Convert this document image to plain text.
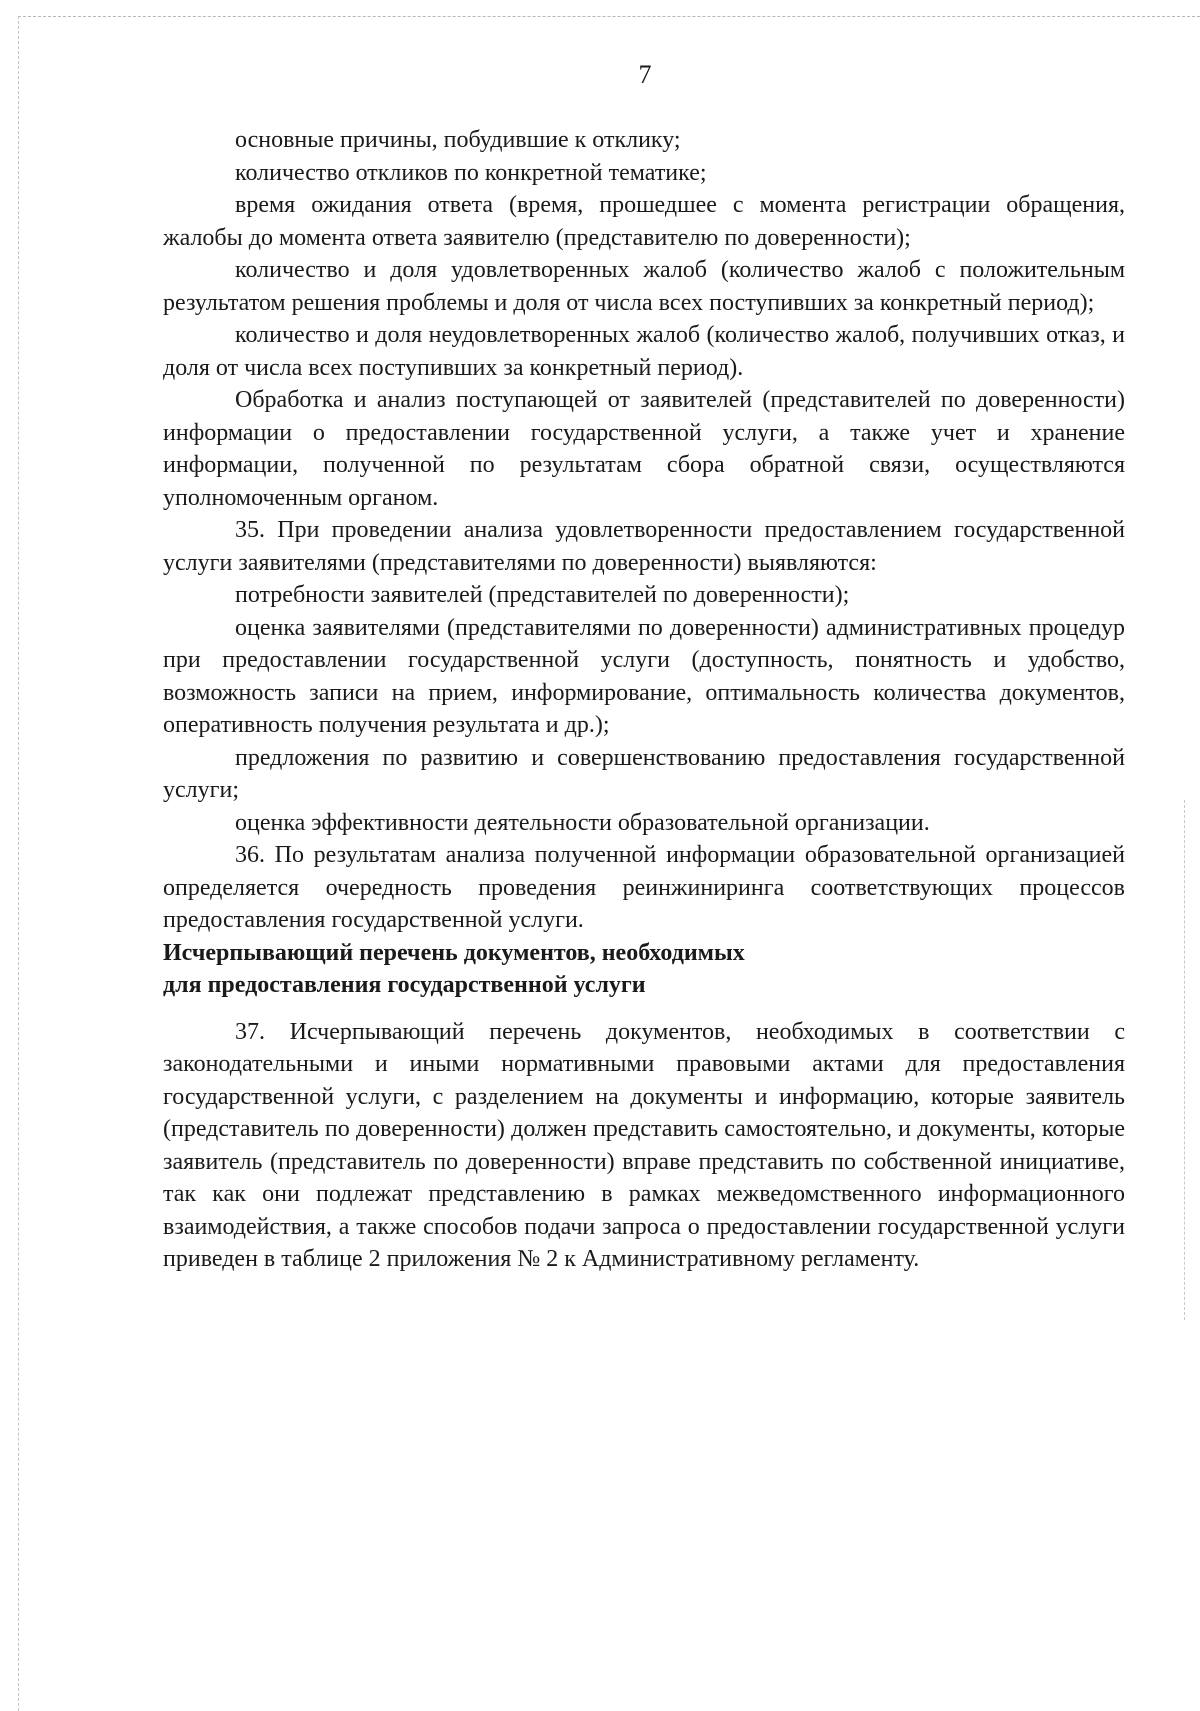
7

основные причины, побудившие к отклику;

количество откликов по конкретной тематике;

время ожидания ответа (время, прошедшее с момента регистрации обращения, жалобы до момента ответа заявителю (представителю по доверенности);

количество и доля удовлетворенных жалоб (количество жалоб с положительным результатом решения проблемы и доля от числа всех поступивших за конкретный период);

количество и доля неудовлетворенных жалоб (количество жалоб, получивших отказ, и доля от числа всех поступивших за конкретный период).

Обработка и анализ поступающей от заявителей (представителей по доверенности) информации о предоставлении государственной услуги, а также учет и хранение информации, полученной по результатам сбора обратной связи, осуществляются уполномоченным органом.

35. При проведении анализа удовлетворенности предоставлением государственной услуги заявителями (представителями по доверенности) выявляются:

потребности заявителей (представителей по доверенности);

оценка заявителями (представителями по доверенности) административных процедур при предоставлении государственной услуги (доступность, понятность и удобство, возможность записи на прием, информирование, оптимальность количества документов, оперативность получения результата и др.);

предложения по развитию и совершенствованию предоставления государственной услуги;

оценка эффективности деятельности образовательной организации.

36. По результатам анализа полученной информации образовательной организацией определяется очередность проведения реинжиниринга соответствующих процессов предоставления государственной услуги.

Исчерпывающий перечень документов, необходимых
для предоставления государственной услуги

37. Исчерпывающий перечень документов, необходимых в соответствии с законодательными и иными нормативными правовыми актами для предоставления государственной услуги, с разделением на документы и информацию, которые заявитель (представитель по доверенности) должен представить самостоятельно, и документы, которые заявитель (представитель по доверенности) вправе представить по собственной инициативе, так как они подлежат представлению в рамках межведомственного информационного взаимодействия, а также способов подачи запроса о предоставлении государственной услуги приведен в таблице 2 приложения № 2 к Административному регламенту.
